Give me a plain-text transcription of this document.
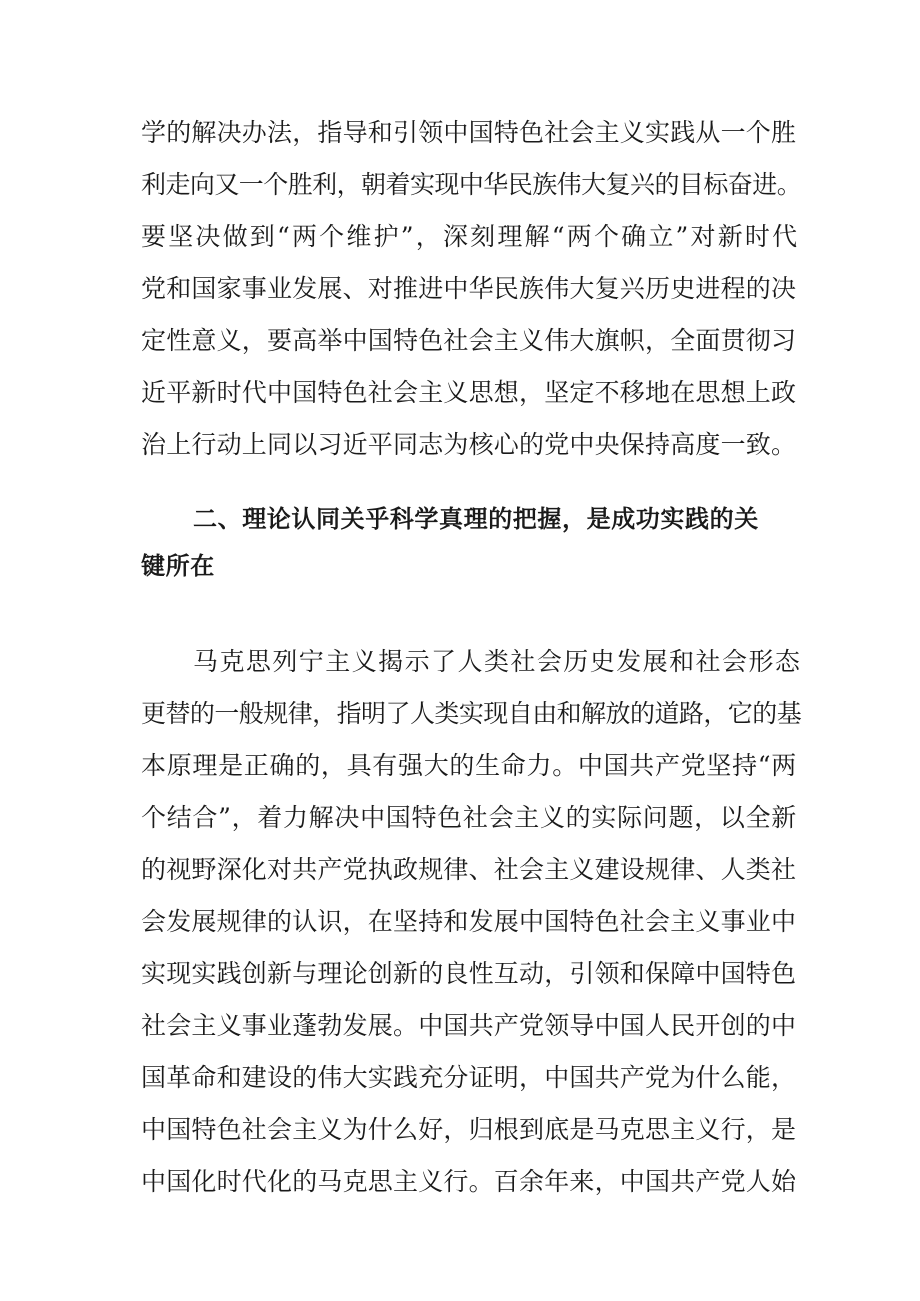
学的解决办法，指导和引领中国特色社会主义实践从一个胜
利走向又一个胜利，朝着实现中华民族伟大复兴的目标奋进。
要坚决做到“两个维护”，深刻理解“两个确立”对新时代
党和国家事业发展、对推进中华民族伟大复兴历史进程的决
定性意义，要高举中国特色社会主义伟大旗帜，全面贯彻习
近平新时代中国特色社会主义思想，坚定不移地在思想上政
治上行动上同以习近平同志为核心的党中央保持高度一致。
二、理论认同关乎科学真理的把握，是成功实践的关
键所在
马克思列宁主义揭示了人类社会历史发展和社会形态
更替的一般规律，指明了人类实现自由和解放的道路，它的基
本原理是正确的，具有强大的生命力。中国共产党坚持“两
个结合”，着力解决中国特色社会主义的实际问题，以全新
的视野深化对共产党执政规律、社会主义建设规律、人类社
会发展规律的认识，在坚持和发展中国特色社会主义事业中
实现实践创新与理论创新的良性互动，引领和保障中国特色
社会主义事业蓬勃发展。中国共产党领导中国人民开创的中
国革命和建设的伟大实践充分证明，中国共产党为什么能，
中国特色社会主义为什么好，归根到底是马克思主义行，是
中国化时代化的马克思主义行。百余年来，中国共产党人始
